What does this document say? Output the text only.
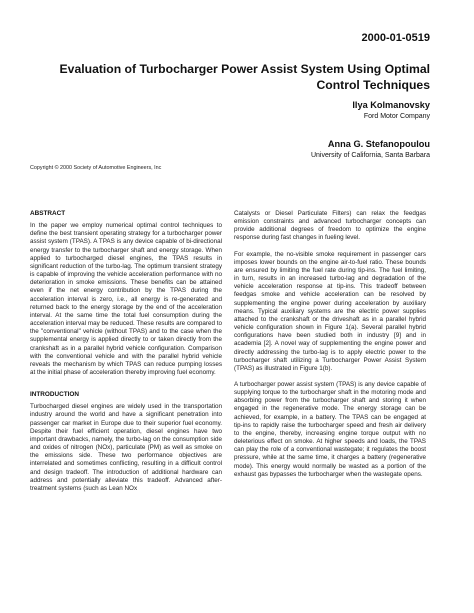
2000-01-0519
Evaluation of Turbocharger Power Assist System Using Optimal Control Techniques
Ilya Kolmanovsky
Ford Motor Company
Anna G. Stefanopoulou
University of California, Santa Barbara
Copyright © 2000 Society of Automotive Engineers, Inc
ABSTRACT

In the paper we employ numerical optimal control techniques to define the best transient operating strategy for a turbocharger power assist system (TPAS). A TPAS is any device capable of bi-directional energy transfer to the turbocharger shaft and energy storage. When applied to turbocharged diesel engines, the TPAS results in significant reduction of the turbo-lag. The optimum transient strategy is capable of improving the vehicle acceleration performance with no deterioration in smoke emissions. These benefits can be attained even if the net energy contribution by the TPAS during the acceleration interval is zero, i.e., all energy is re-generated and returned back to the energy storage by the end of the acceleration interval. At the same time the total fuel consumption during the acceleration interval may be reduced. These results are compared to the "conventional" vehicle (without TPAS) and to the case when the supplemental energy is applied directly to or taken directly from the crankshaft as in a parallel hybrid vehicle configuration. Comparison with the conventional vehicle and with the parallel hybrid vehicle reveals the mechanism by which TPAS can reduce pumping losses at the initial phase of acceleration thereby improving fuel economy.

INTRODUCTION

Turbocharged diesel engines are widely used in the transportation industry around the world and have a significant penetration into passenger car market in Europe due to their superior fuel economy. Despite their fuel efficient operation, diesel engines have two important drawbacks, namely, the turbo-lag on the consumption side and oxides of nitrogen (NOx), particulate (PM) as well as smoke on the emissions side. These two performance objectives are interrelated and sometimes conflicting, resulting in a difficult control and design tradeoff. The introduction of additional hardware can address and potentially alleviate this tradeoff. Advanced after-treatment systems (such as Lean NOx

Catalysts or Diesel Particulate Filters) can relax the feedgas emission constraints and advanced turbocharger concepts can provide additional degrees of freedom to optimize the engine response during fast changes in fueling level.

For example, the no-visible smoke requirement in passenger cars imposes lower bounds on the engine air-to-fuel ratio. These bounds are ensured by limiting the fuel rate during tip-ins. The fuel limiting, in turn, results in an increased turbo-lag and degradation of the vehicle acceleration response at tip-ins. This tradeoff between feedgas smoke and vehicle acceleration can be resolved by supplementing the engine power during acceleration by auxiliary means. Typical auxiliary systems are the electric power supplies attached to the crankshaft or the driveshaft as in a parallel hybrid vehicle configuration shown in Figure 1(a). Several parallel hybrid configurations have been studied both in industry [9] and in academia [2]. A novel way of supplementing the engine power and directly addressing the turbo-lag is to apply electric power to the turbocharger shaft utilizing a Turbocharger Power Assist System (TPAS) as illustrated in Figure 1(b).

A turbocharger power assist system (TPAS) is any device capable of supplying torque to the turbocharger shaft in the motoring mode and absorbing power from the turbocharger shaft and storing it when engaged in the regenerative mode. The energy storage can be achieved, for example, in a battery. The TPAS can be engaged at tip-ins to rapidly raise the turbocharger speed and fresh air delivery to the engine, thereby, increasing engine torque output with no deleterious effect on smoke. At higher speeds and loads, the TPAS can play the role of a conventional wastegate; it regulates the boost pressure, while at the same time, it charges a battery (regenerative mode). This energy would normally be wasted as a portion of the exhaust gas bypasses the turbocharger when the wastegate opens.
